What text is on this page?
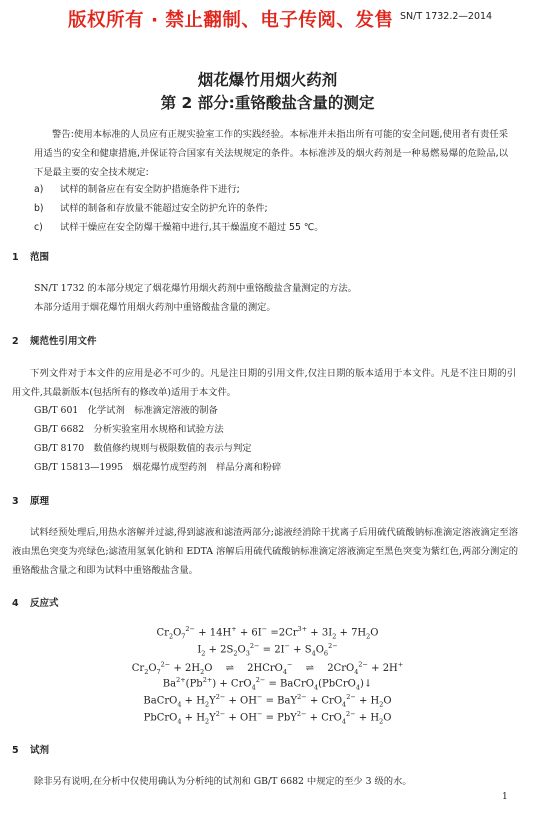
版权所有 · 禁止翻制、电子传阅、发售 SN/T 1732.2—2014
烟花爆竹用烟火药剂
第 2 部分:重铬酸盐含量的测定
警告:使用本标准的人员应有正规实验室工作的实践经验。本标准并未指出所有可能的安全问题,使用者有责任采用适当的安全和健康措施,并保证符合国家有关法规规定的条件。本标准涉及的烟火药剂是一种易燃易爆的危险品,以下是最主要的安全技术规定:
a) 试样的制备应在有安全防护措施条件下进行;
b) 试样的制备和存放量不能超过安全防护允许的条件;
c) 试样干燥应在安全防爆干燥箱中进行,其干燥温度不超过 55 ℃。
1 范围
SN/T 1732 的本部分规定了烟花爆竹用烟火药剂中重铬酸盐含量测定的方法。
本部分适用于烟花爆竹用烟火药剂中重铬酸盐含量的测定。
2 规范性引用文件
下列文件对于本文件的应用是必不可少的。凡是注日期的引用文件,仅注日期的版本适用于本文件。凡是不注日期的引用文件,其最新版本(包括所有的修改单)适用于本文件。
GB/T 601　化学试剂　标准滴定溶液的制备
GB/T 6682　分析实验室用水规格和试验方法
GB/T 8170　数值修约规则与极限数值的表示与判定
GB/T 15813—1995　烟花爆竹成型药剂　样品分离和粉碎
3 原理
试料经预处理后,用热水溶解并过滤,得到滤液和滤渣两部分;滤液经消除干扰离子后用硫代硫酸钠标准滴定溶液滴定至溶液由黑色突变为亮绿色;滤渣用氢氧化钠和 EDTA 溶解后用硫代硫酸钠标准滴定溶液滴定至黑色突变为紫红色,两部分测定的重铬酸盐含量之和即为试料中重铬酸盐含量。
4 反应式
$Cr_2O_7^{2-} + 14H^+ + 6I^- =2Cr^{3+} + 3I_2 + 7H_2O$
$I_2 + 2S_2O_3^{2-} = 2I^- + S_4O_6^{2-}$
$Cr_2O_7^{2-} + 2H_2O$　 ⇌ 　2HCrO$_4$−　 ⇌ 　2CrO$_4^{2-}$ + 2H+
$Ba^{2+}(Pb^{2+}) + CrO_4^{2-}$ = BaCrO$_4$(PbCrO$_4$)↓
BaCrO$_4$ + $H_2Y^{2-} + OH^- = BaY^{2-} + CrO_4^{2-} + H_2O$
PbCrO$_4$ + $H_2Y^{2-} + OH^- = PbY^{2-} + CrO_4^{2-} + H_2O$
5 试剂
除非另有说明,在分析中仅使用确认为分析纯的试剂和 GB/T 6682 中规定的至少 3 级的水。
1
